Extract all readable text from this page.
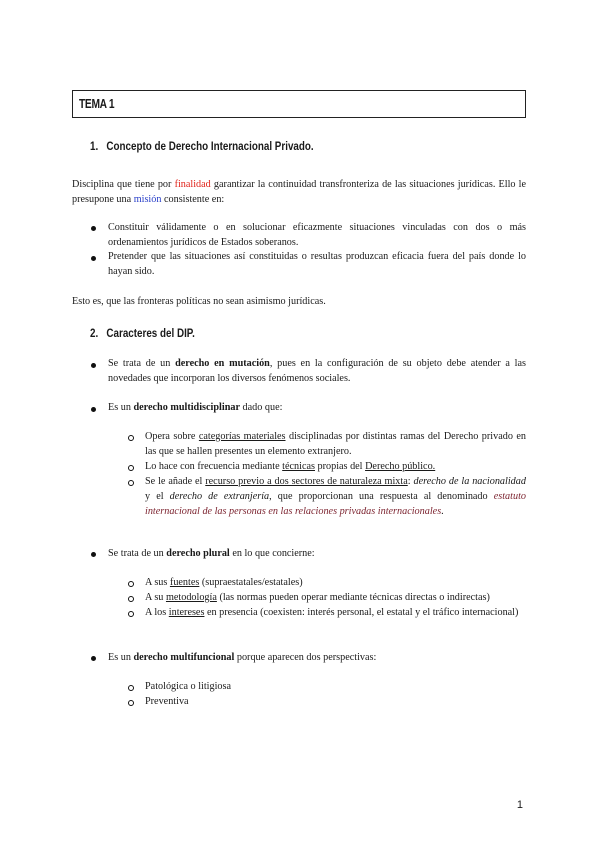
TEMA 1
1.   Concepto de Derecho Internacional Privado.
Disciplina que tiene por finalidad garantizar la continuidad transfronteriza de las situaciones jurídicas. Ello le presupone una misión consistente en:
Constituir válidamente o en solucionar eficazmente situaciones vinculadas con dos o más ordenamientos jurídicos de Estados soberanos.
Pretender que las situaciones así constituidas o resultas produzcan eficacia fuera del país donde lo hayan sido.
Esto es, que las fronteras políticas no sean asimismo jurídicas.
2.   Caracteres del DIP.
Se trata de un derecho en mutación, pues en la configuración de su objeto debe atender a las novedades que incorporan los diversos fenómenos sociales.
Es un derecho multidisciplinar dado que:
Opera sobre categorías materiales disciplinadas por distintas ramas del Derecho privado en las que se hallen presentes un elemento extranjero.
Lo hace con frecuencia mediante técnicas propias del Derecho público.
Se le añade el recurso previo a dos sectores de naturaleza mixta: derecho de la nacionalidad y el derecho de extranjería, que proporcionan una respuesta al denominado estatuto internacional de las personas en las relaciones privadas internacionales.
Se trata de un derecho plural en lo que concierne:
A sus fuentes (supraestatales/estatales)
A su metodología (las normas pueden operar mediante técnicas directas o indirectas)
A los intereses en presencia (coexisten: interés personal, el estatal y el tráfico internacional)
Es un derecho multifuncional porque aparecen dos perspectivas:
Patológica o litigiosa
Preventiva
1
